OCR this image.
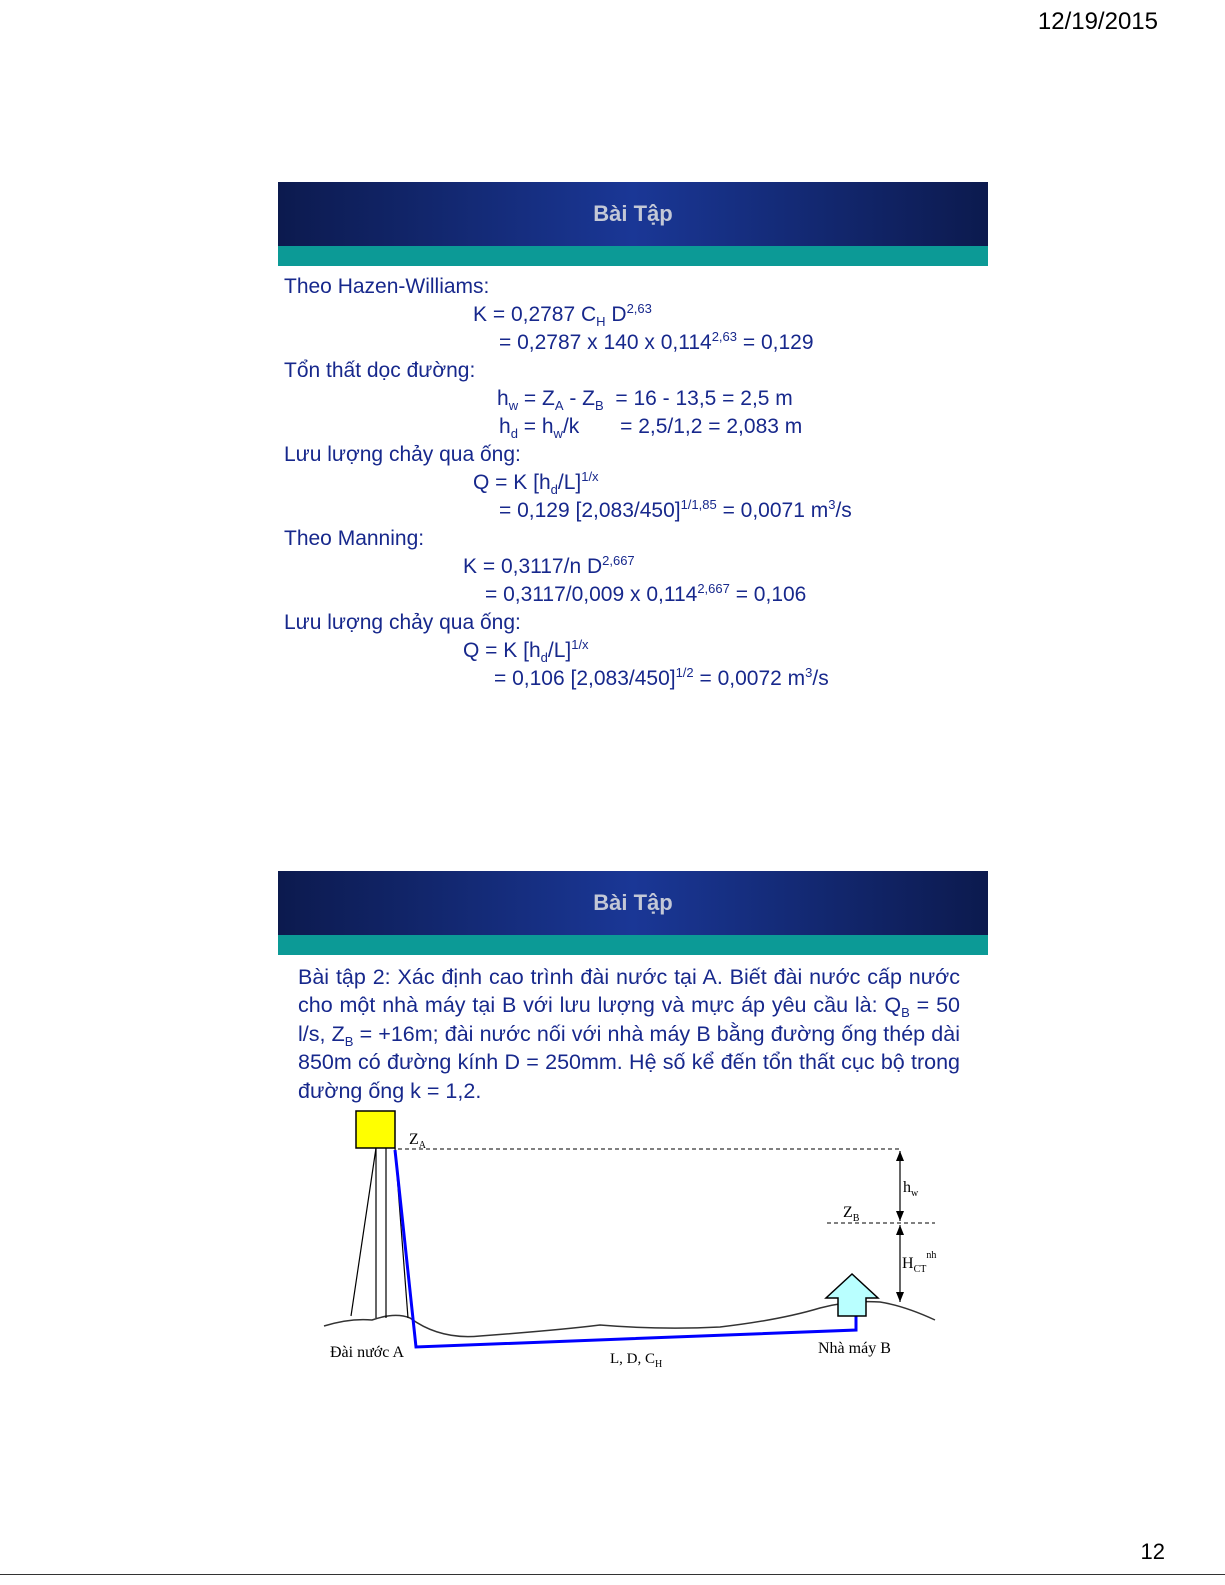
12/19/2015
Bài Tập
Theo Hazen-Williams:
K = 0,2787 $C_H$ D$^{2,63}$
= 0,2787 x 140 x $0,114^{2,63} = 0,129$
Tổn thất dọc đường:
$h_w = Z_A - Z_B = 16 - 13,5 = 2,5$ m
$h_d = h_w/k$       = 2,5/1,2 = 2,083 m
Lưu lượng chảy qua ống:
Q = K $[h_d/L]^{1/x}$
= 0,129 $[2,083/450]^{1/1,85} = 0,0071$ $m^3/s$
Theo Manning:
K = 0,3117/n D$^{2,667}$
= 0,3117/0,009 x $0,114^{2,667} = 0,106$
Lưu lượng chảy qua ống:
Q = K $[h_d/L]^{1/x}$
= 0,106 $[2,083/450]^{1/2} = 0,0072$ $m^3/s$
Bài Tập
Bài tập 2: Xác định cao trình đài nước tại A. Biết đài nước cấp nước cho một nhà máy tại B với lưu lượng và mực áp yêu cầu là: $Q_B = 50$ l/s, $Z_B = +16m$; đài nước nối với nhà máy B bằng đường ống thép dài 850m có đường kính D = 250mm. Hệ số kể đến tổn thất cục bộ trong đường ống k = 1,2.
$Z_A$
$Z_B$
$h_w$
$H_{CT}^{nh}$
Đài nước A	Nhà máy B
L, D, $C_H$
12
